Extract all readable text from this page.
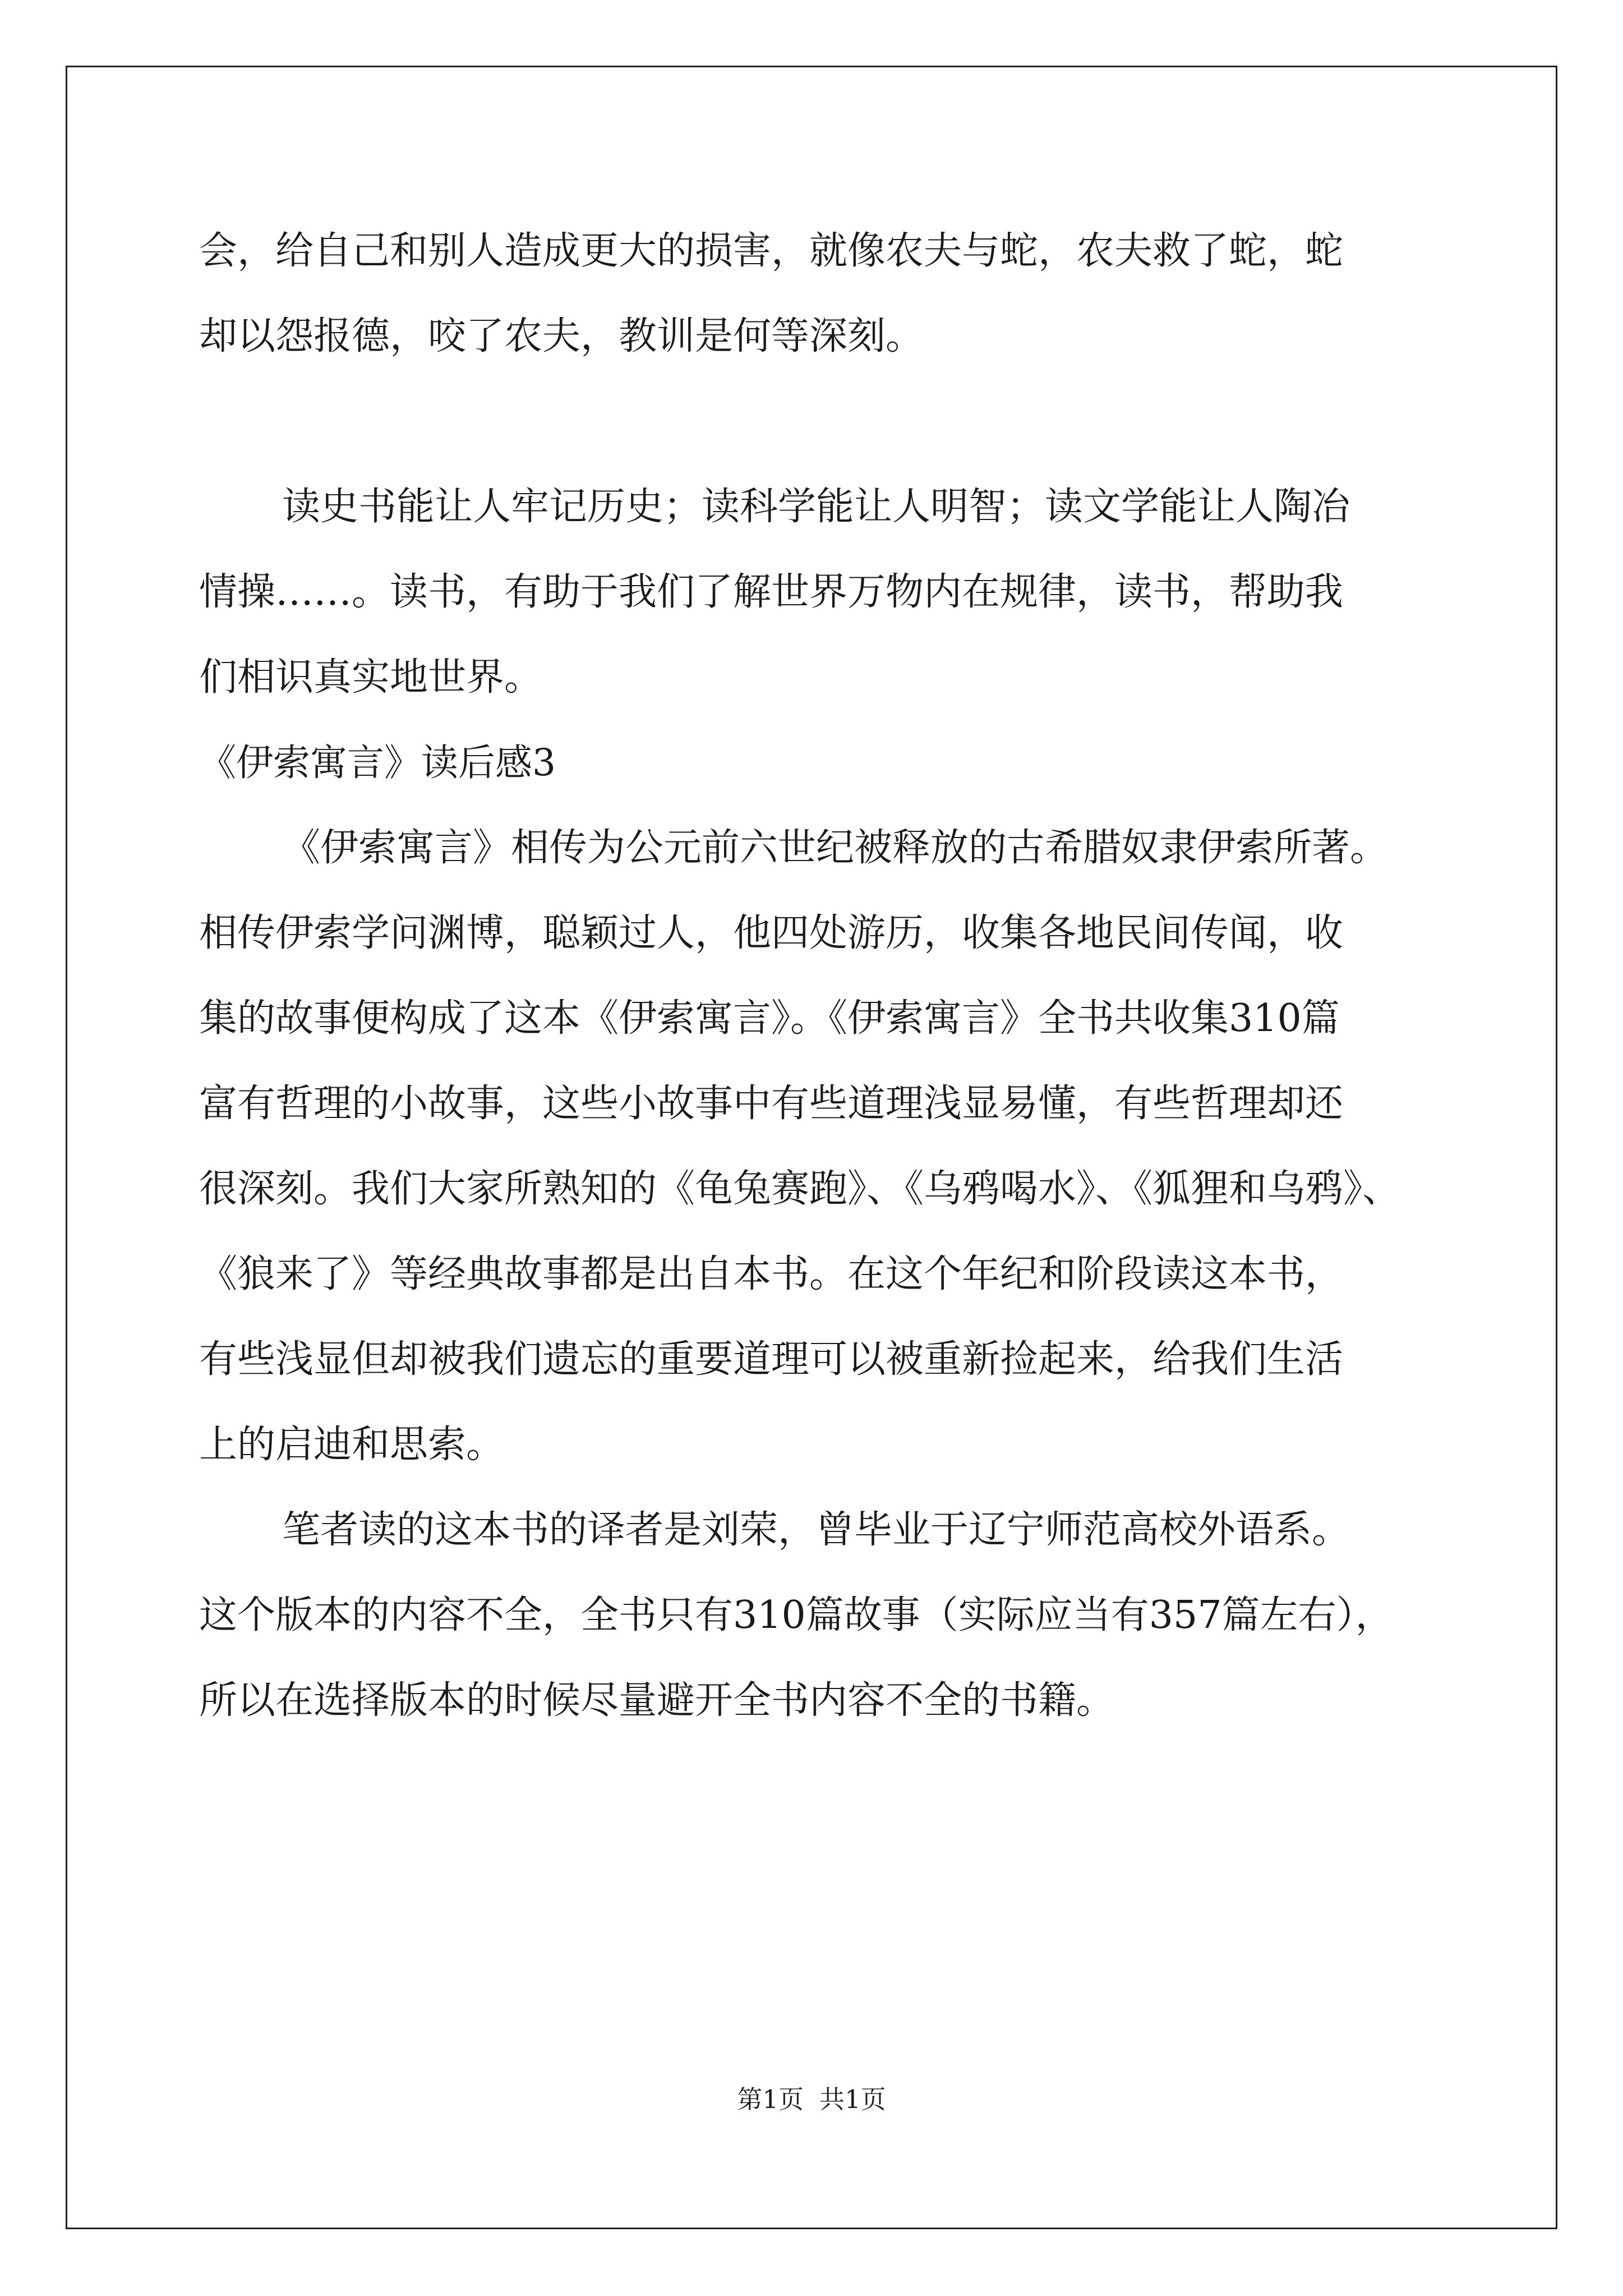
会，给自己和别人造成更大的损害，就像农夫与蛇，农夫救了蛇，蛇
却以怨报德，咬了农夫，教训是何等深刻。
读史书能让人牢记历史；读科学能让人明智；读文学能让人陶冶
情操……。读书，有助于我们了解世界万物内在规律，读书，帮助我
们相识真实地世界。
《伊索寓言》读后感3
《伊索寓言》相传为公元前六世纪被释放的古希腊奴隶伊索所著。
相传伊索学问渊博，聪颖过人，他四处游历，收集各地民间传闻，收
集的故事便构成了这本《伊索寓言》。《伊索寓言》全书共收集310篇
富有哲理的小故事，这些小故事中有些道理浅显易懂，有些哲理却还
很深刻。我们大家所熟知的《龟兔赛跑》、《乌鸦喝水》、《狐狸和乌鸦》、
《狼来了》等经典故事都是出自本书。在这个年纪和阶段读这本书，
有些浅显但却被我们遗忘的重要道理可以被重新捡起来，给我们生活
上的启迪和思索。
笔者读的这本书的译者是刘荣，曾毕业于辽宁师范高校外语系。
这个版本的内容不全，全书只有310篇故事（实际应当有357篇左右），
所以在选择版本的时候尽量避开全书内容不全的书籍。
第1页 共1页
